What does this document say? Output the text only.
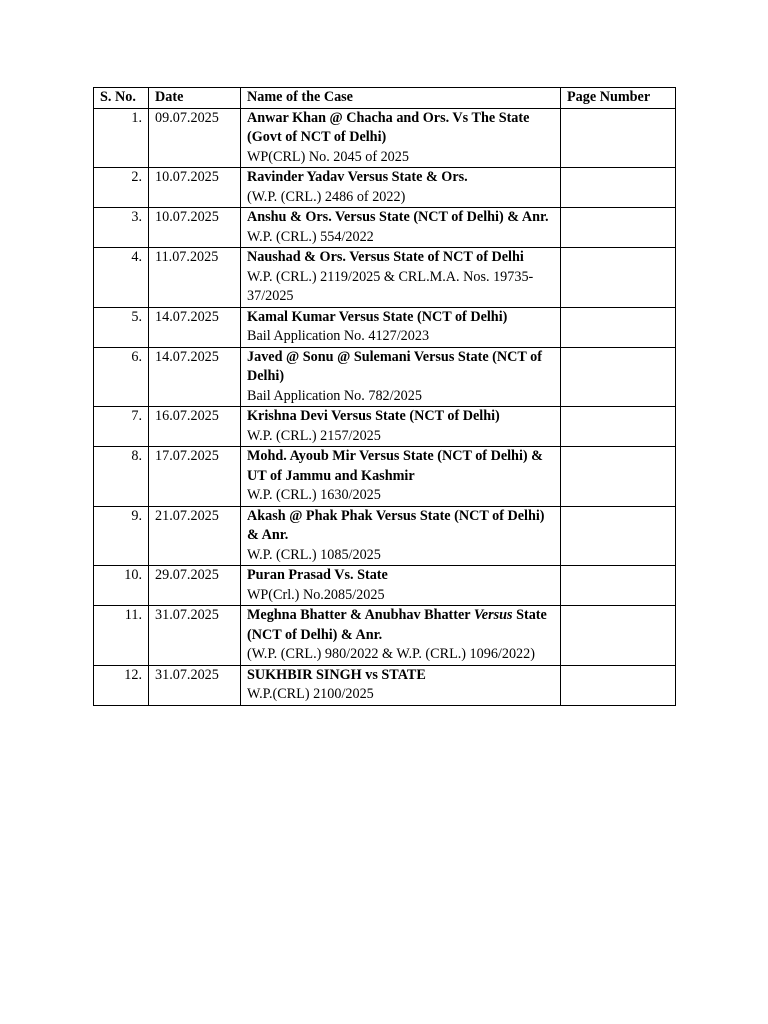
S. No.	Date	Name of the Case	Page Number
1.	09.07.2025	Anwar Khan @ Chacha and Ors. Vs The State (Govt of NCT of Delhi)
WP(CRL) No. 2045 of 2025	

2.	10.07.2025	Ravinder Yadav Versus State & Ors.
(W.P. (CRL.) 2486 of 2022)	

3.	10.07.2025	Anshu & Ors. Versus State (NCT of Delhi) & Anr.
W.P. (CRL.) 554/2022	

4.	11.07.2025	Naushad & Ors. Versus State of NCT of Delhi
W.P. (CRL.) 2119/2025 & CRL.M.A. Nos. 19735-37/2025	

5.	14.07.2025	Kamal Kumar Versus State (NCT of Delhi)
Bail Application No. 4127/2023	

6.	14.07.2025	Javed @ Sonu @ Sulemani Versus State (NCT of Delhi)
Bail Application No. 782/2025	

7.	16.07.2025	Krishna Devi Versus State (NCT of Delhi)
W.P. (CRL.) 2157/2025	

8.	17.07.2025	Mohd. Ayoub Mir Versus State (NCT of Delhi) & UT of Jammu and Kashmir
W.P. (CRL.) 1630/2025	

9.	21.07.2025	Akash @ Phak Phak Versus State (NCT of Delhi) & Anr.
W.P. (CRL.) 1085/2025	

10.	29.07.2025	Puran Prasad Vs. State
WP(Crl.) No.2085/2025	

11.	31.07.2025	Meghna Bhatter & Anubhav Bhatter Versus State (NCT of Delhi) & Anr.
(W.P. (CRL.) 980/2022 & W.P. (CRL.) 1096/2022)	

12.	31.07.2025	SUKHBIR SINGH vs STATE
W.P.(CRL) 2100/2025	
